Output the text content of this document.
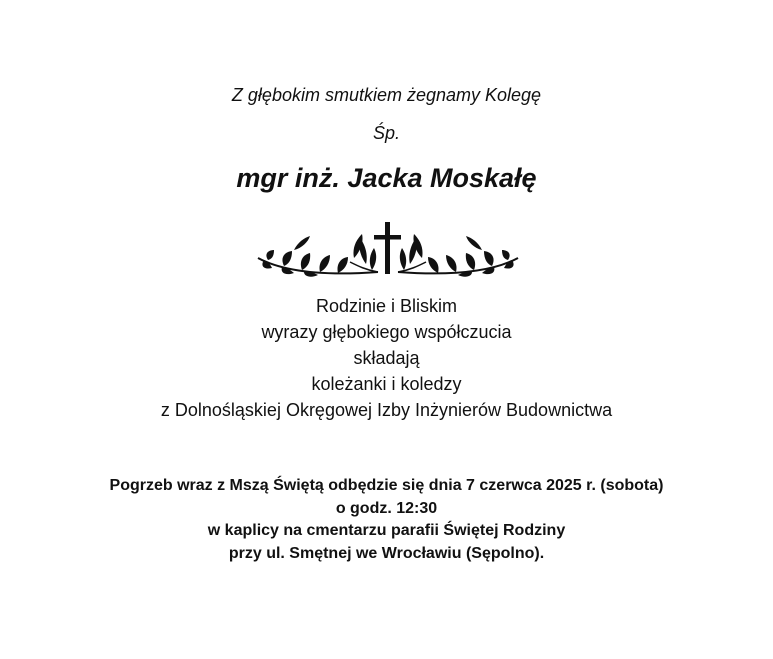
Z głębokim smutkiem żegnamy Kolegę

Śp.

mgr inż. Jacka Moskałę

Rodzinie i Bliskim
wyrazy głębokiego współczucia
składają
koleżanki i koledzy
z Dolnośląskiej Okręgowej Izby Inżynierów Budownictwa
Pogrzeb wraz z Mszą Świętą odbędzie się dnia 7 czerwca 2025 r. (sobota)
o godz. 12:30
w kaplicy na cmentarzu parafii Świętej Rodziny
przy ul. Smętnej we Wrocławiu (Sępolno).
